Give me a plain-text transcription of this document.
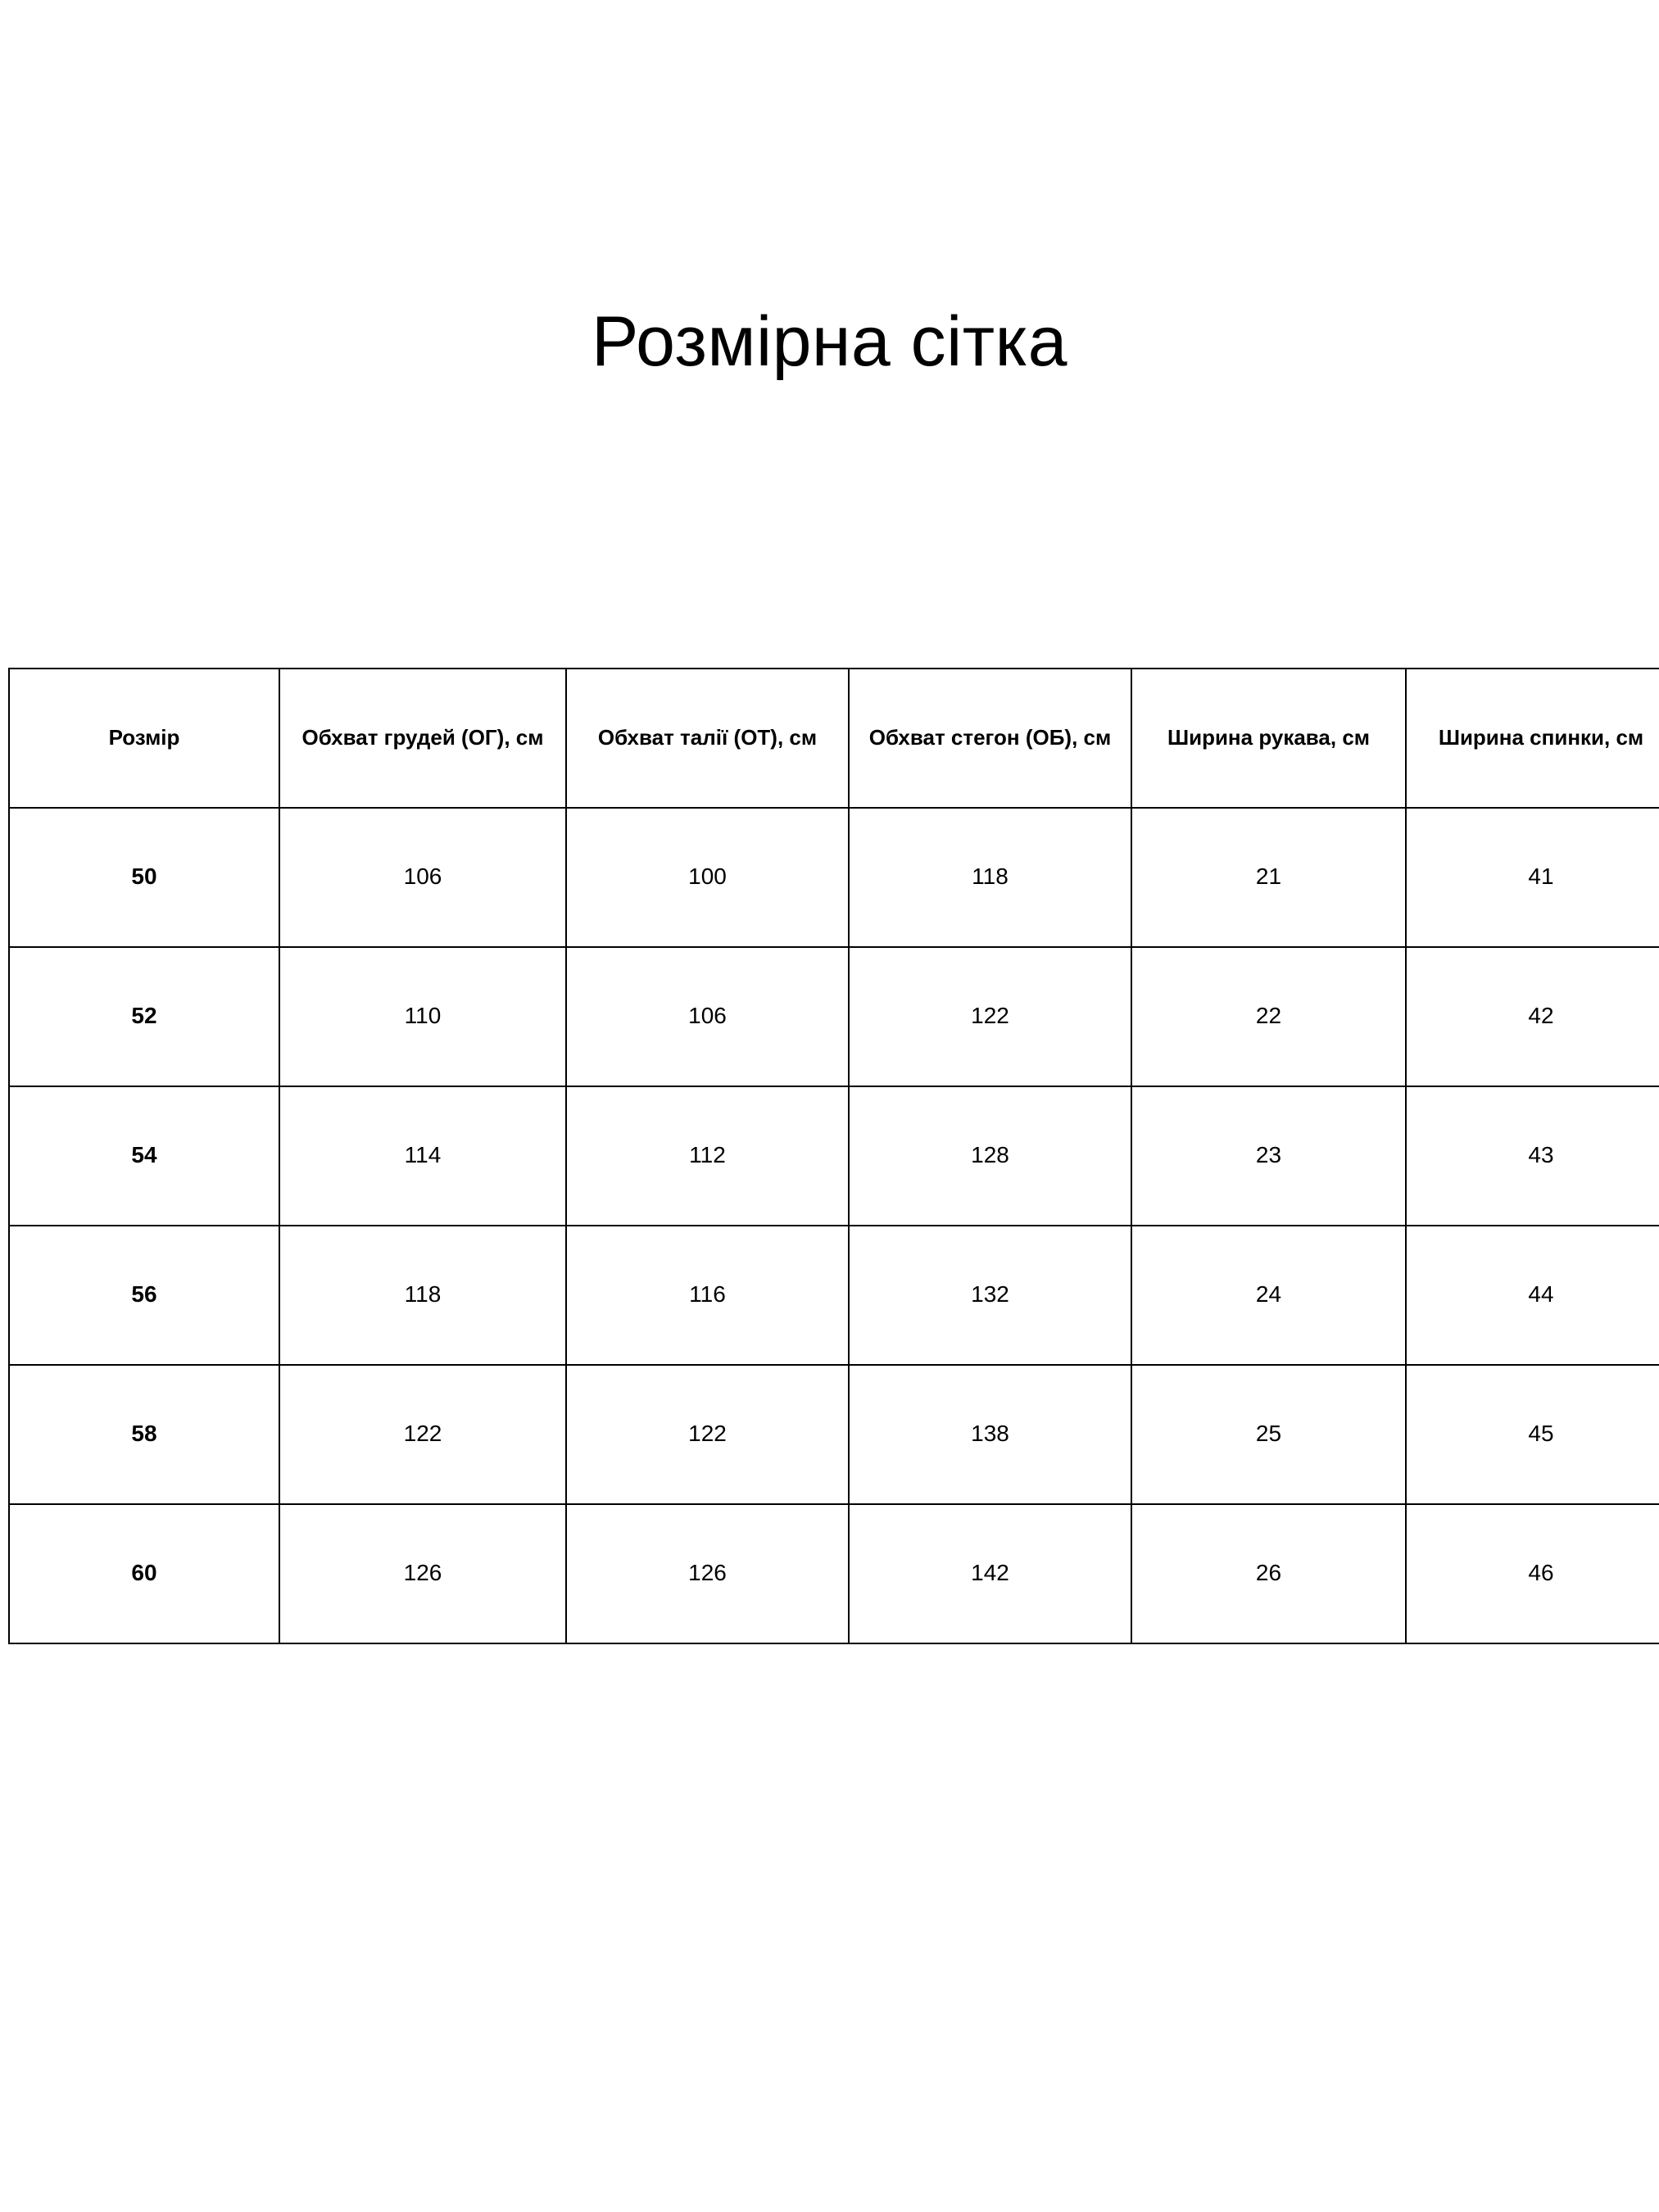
Розмірна сітка
Розмір	Обхват грудей (ОГ), см	Обхват талії (ОТ), см	Обхват стегон (ОБ), см	Ширина рукава, см	Ширина спинки, см
50	106	100	118	21	41
52	110	106	122	22	42
54	114	112	128	23	43
56	118	116	132	24	44
58	122	122	138	25	45
60	126	126	142	26	46
